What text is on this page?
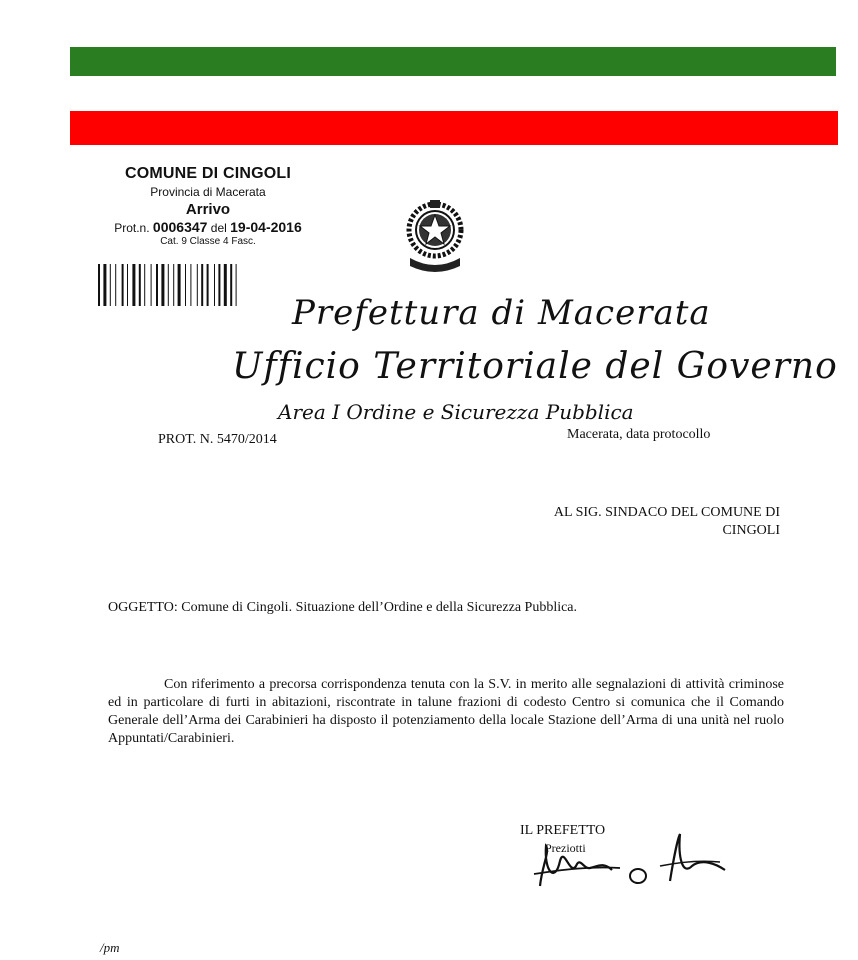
COMUNE DI CINGOLI
Provincia di Macerata
Arrivo
Prot.n. 0006347 del 19-04-2016
Cat. 9 Classe 4 Fasc.
Prefettura di Macerata
Ufficio Territoriale del Governo
Area I Ordine e Sicurezza Pubblica
PROT. N. 5470/2014	Macerata, data protocollo
AL SIG. SINDACO DEL COMUNE DI
CINGOLI
OGGETTO: Comune di Cingoli. Situazione dell’Ordine e della Sicurezza Pubblica.
Con riferimento a precorsa corrispondenza tenuta con la S.V. in merito alle segnalazioni di attività criminose ed in particolare di furti in abitazioni, riscontrate in talune frazioni di codesto Centro si comunica che il Comando Generale dell’Arma dei Carabinieri ha disposto il potenziamento della locale Stazione dell’Arma di una unità nel ruolo Appuntati/Carabinieri.
IL PREFETTO
Preziotti
/pm
